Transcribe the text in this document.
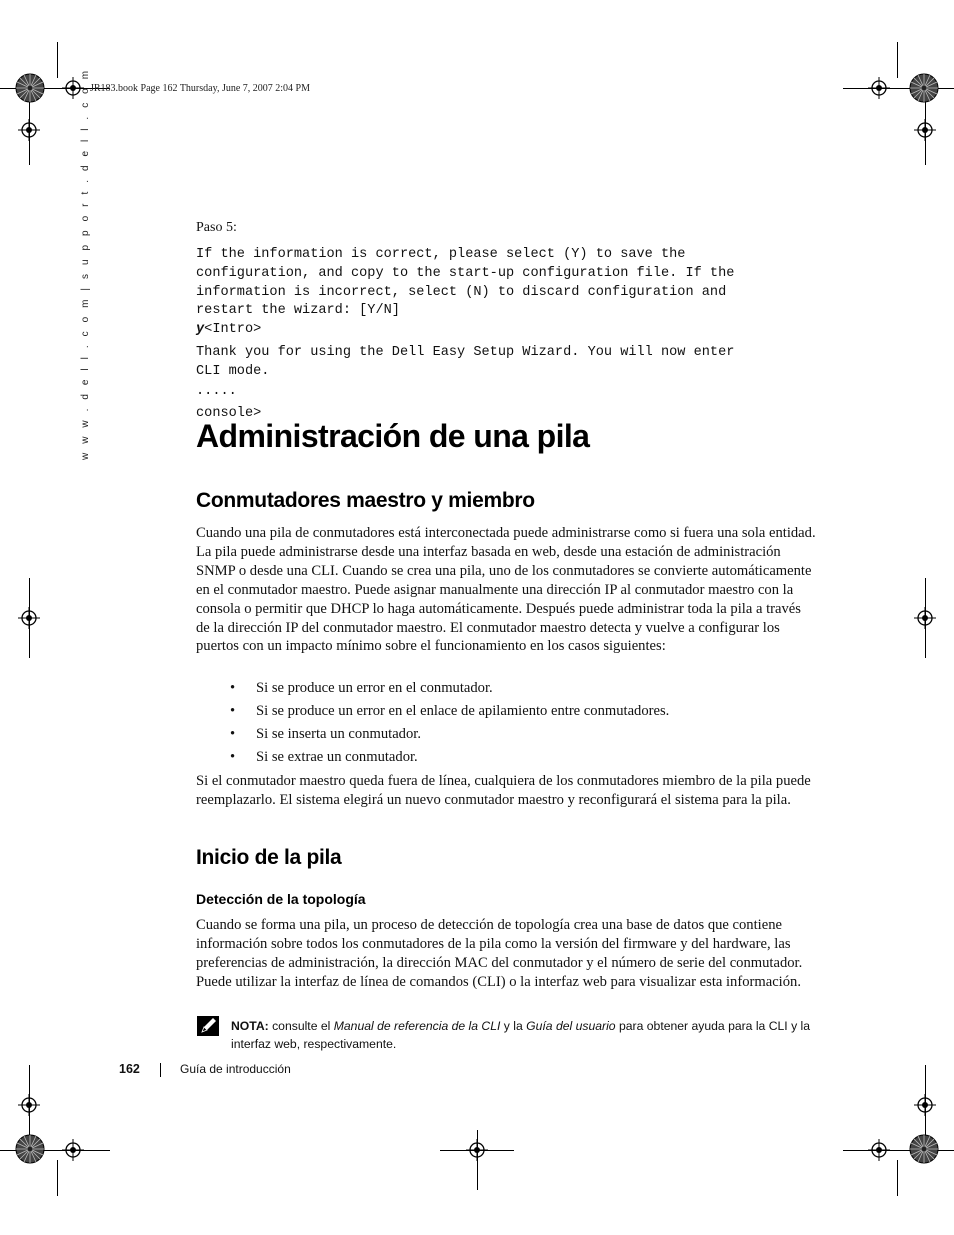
JR183.book Page 162 Thursday, June 7, 2007 2:04 PM
w w w . d e l l . c o m | s u p p o r t . d e l l . c o m	Paso 5:
If the information is correct, please select (Y) to save the
configuration, and copy to the start-up configuration file. If the
information is incorrect, select (N) to discard configuration and
restart the wizard: [Y/N]
y<Intro>
Thank you for using the Dell Easy Setup Wizard. You will now enter
CLI mode.
.....
console>
Administración de una pila
Conmutadores maestro y miembro

Cuando una pila de conmutadores está interconectada puede administrarse como si fuera una sola entidad. La pila puede administrarse desde una interfaz basada en web, desde una estación de administración SNMP o desde una CLI. Cuando se crea una pila, uno de los conmutadores se convierte automáticamente en el conmutador maestro. Puede asignar manualmente una dirección IP al conmutador maestro con la consola o permitir que DHCP lo haga automáticamente. Después puede administrar toda la pila a través de la dirección IP del conmutador maestro. El conmutador maestro detecta y vuelve a configurar los puertos con un impacto mínimo sobre el funcionamiento en los casos siguientes:

• Si se produce un error en el conmutador.
• Si se produce un error en el enlace de apilamiento entre conmutadores.
• Si se inserta un conmutador.
• Si se extrae un conmutador.

Si el conmutador maestro queda fuera de línea, cualquiera de los conmutadores miembro de la pila puede reemplazarlo. El sistema elegirá un nuevo conmutador maestro y reconfigurará el sistema para la pila.

Inicio de la pila
Detección de la topología

Cuando se forma una pila, un proceso de detección de topología crea una base de datos que contiene información sobre todos los conmutadores de la pila como la versión del firmware y del hardware, las preferencias de administración, la dirección MAC del conmutador y el número de serie del conmutador. Puede utilizar la interfaz de línea de comandos (CLI) o la interfaz web para visualizar esta información.

NOTA: consulte el Manual de referencia de la CLI y la Guía del usuario para obtener ayuda para la CLI y la interfaz web, respectivamente.
162	Guía de introducción
